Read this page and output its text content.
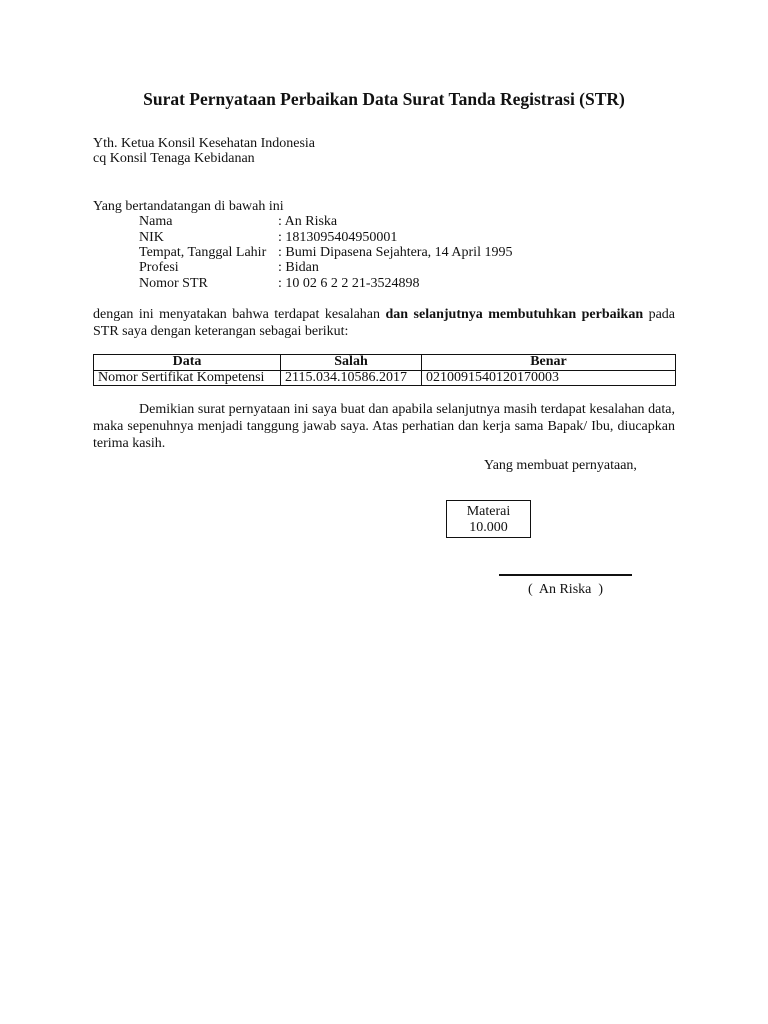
Surat Pernyataan Perbaikan Data Surat Tanda Registrasi (STR)
Yth. Ketua Konsil Kesehatan Indonesia
cq Konsil Tenaga Kebidanan
Yang bertandatangan di bawah ini
Nama	: An Riska
NIK	: 1813095404950001
Tempat, Tanggal Lahir : Bumi Dipasena Sejahtera, 14 April 1995
Profesi	: Bidan
Nomor STR	: 10 02 6 2 2 21-3524898
dengan ini menyatakan bahwa terdapat kesalahan dan selanjutnya membutuhkan perbaikan pada STR saya dengan keterangan sebagai berikut:
Data	Salah	Benar
Nomor Sertifikat Kompetensi	2115.034.10586.2017	0210091540120170003
Demikian surat pernyataan ini saya buat dan apabila selanjutnya masih terdapat kesalahan data, maka sepenuhnya menjadi tanggung jawab saya. Atas perhatian dan kerja sama Bapak/ Ibu, diucapkan terima kasih.
Yang membuat pernyataan,
Materai
10.000
(  An Riska  )
